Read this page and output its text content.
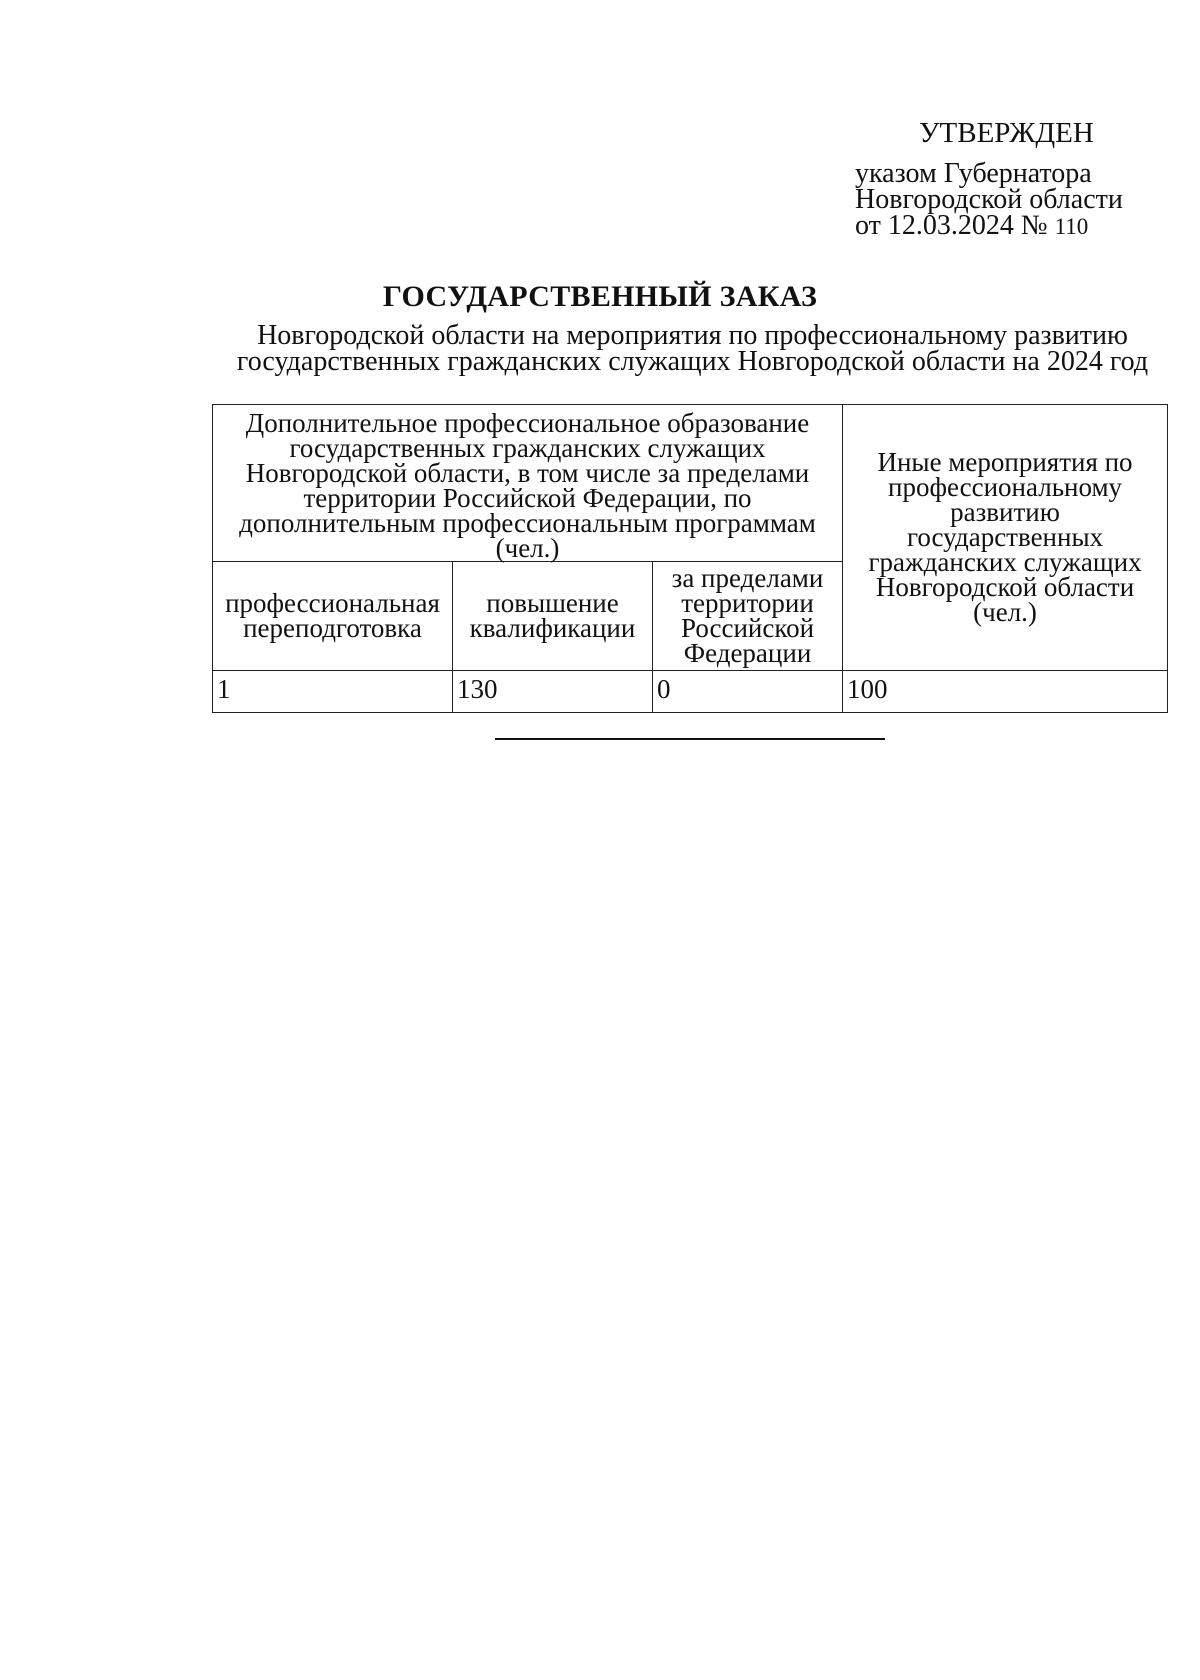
УТВЕРЖДЕН
указом Губернатора
Новгородской области
от 12.03.2024 № 110
ГОСУДАРСТВЕННЫЙ ЗАКАЗ
Новгородской области на мероприятия по профессиональному развитию
государственных гражданских служащих Новгородской области на 2024 год
Дополнительное профессиональное образование государственных гражданских служащих Новгородской области, в том числе за пределами территории Российской Федерации, по дополнительным профессиональным программам (чел.)			Иные мероприятия по профессиональному развитию государственных гражданских служащих Новгородской области (чел.)

профессиональная переподготовка	повышение квалификации	за пределами территории Российской Федерации	
1	130	0	100
